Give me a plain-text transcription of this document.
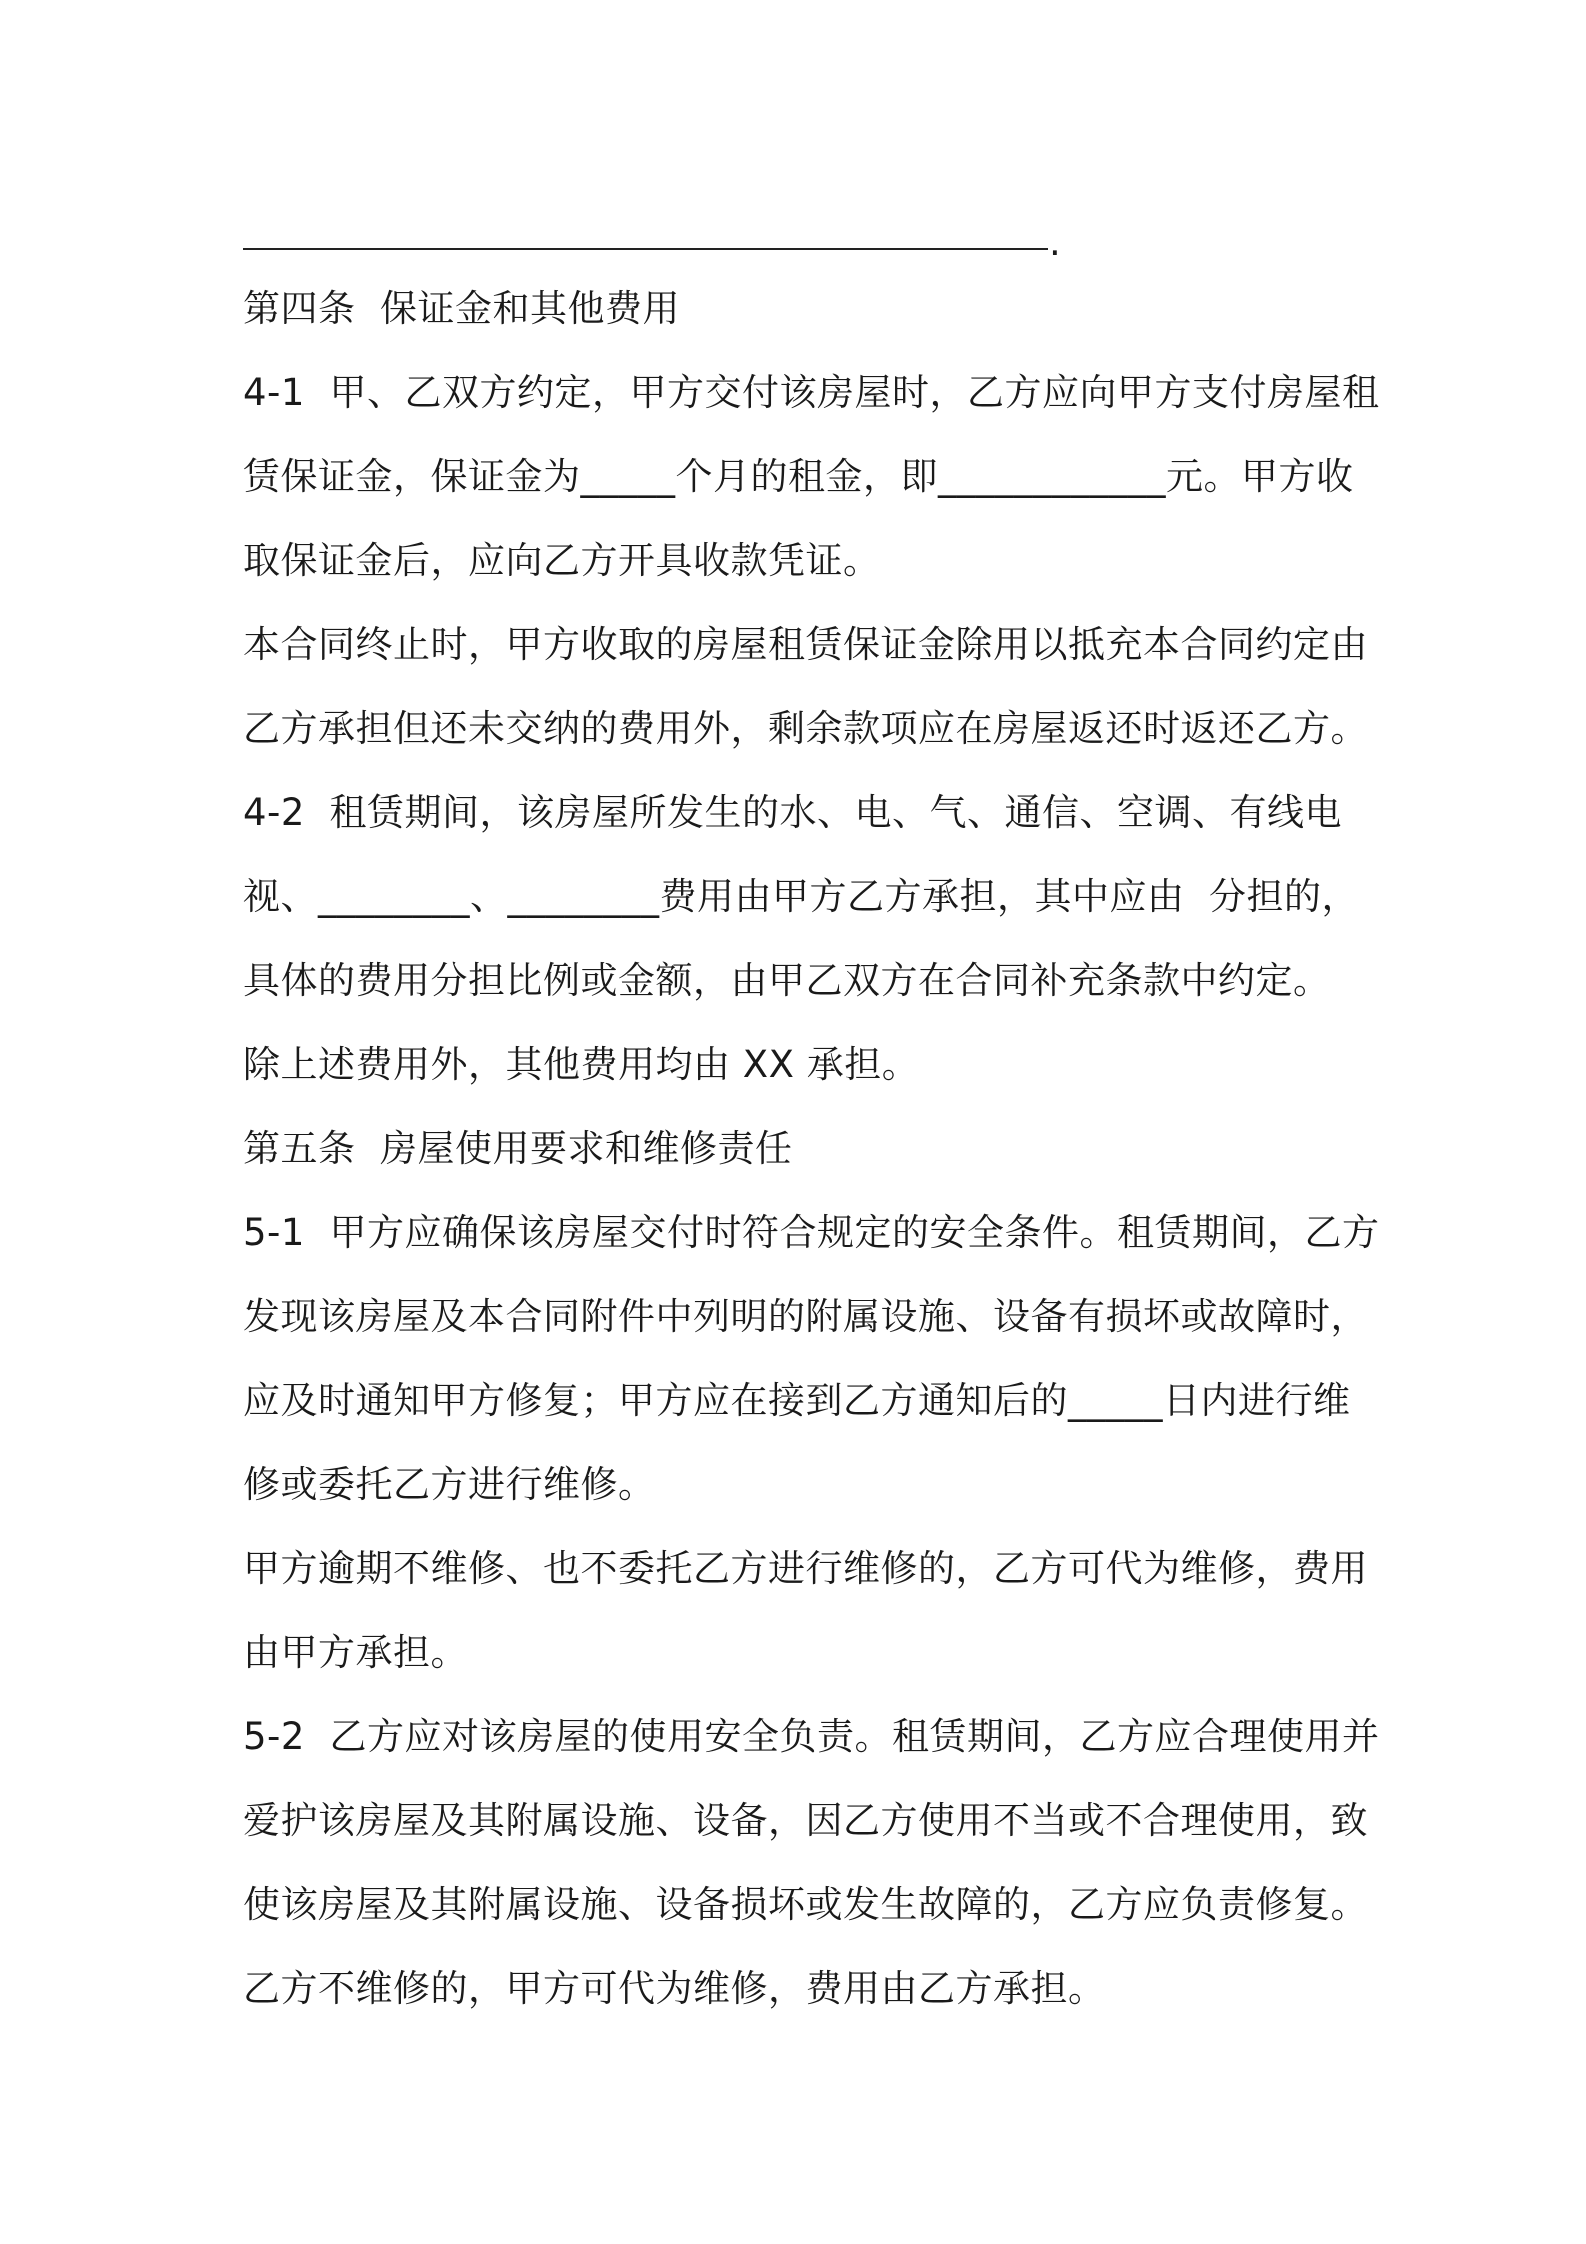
.
第四条  保证金和其他费用
4-1  甲、乙双方约定，甲方交付该房屋时，乙方应向甲方支付房屋租
赁保证金，保证金为_____个月的租金，即____________元。甲方收
取保证金后，应向乙方开具收款凭证。
本合同终止时，甲方收取的房屋租赁保证金除用以抵充本合同约定由
乙方承担但还未交纳的费用外，剩余款项应在房屋返还时返还乙方。
4-2  租赁期间，该房屋所发生的水、电、气、通信、空调、有线电
视、________、________费用由甲方乙方承担，其中应由  分担的，
具体的费用分担比例或金额，由甲乙双方在合同补充条款中约定。
除上述费用外，其他费用均由 XX 承担。
第五条  房屋使用要求和维修责任
5-1  甲方应确保该房屋交付时符合规定的安全条件。租赁期间，乙方
发现该房屋及本合同附件中列明的附属设施、设备有损坏或故障时，
应及时通知甲方修复；甲方应在接到乙方通知后的_____日内进行维
修或委托乙方进行维修。
甲方逾期不维修、也不委托乙方进行维修的，乙方可代为维修，费用
由甲方承担。
5-2  乙方应对该房屋的使用安全负责。租赁期间，乙方应合理使用并
爱护该房屋及其附属设施、设备，因乙方使用不当或不合理使用，致
使该房屋及其附属设施、设备损坏或发生故障的，乙方应负责修复。
乙方不维修的，甲方可代为维修，费用由乙方承担。
